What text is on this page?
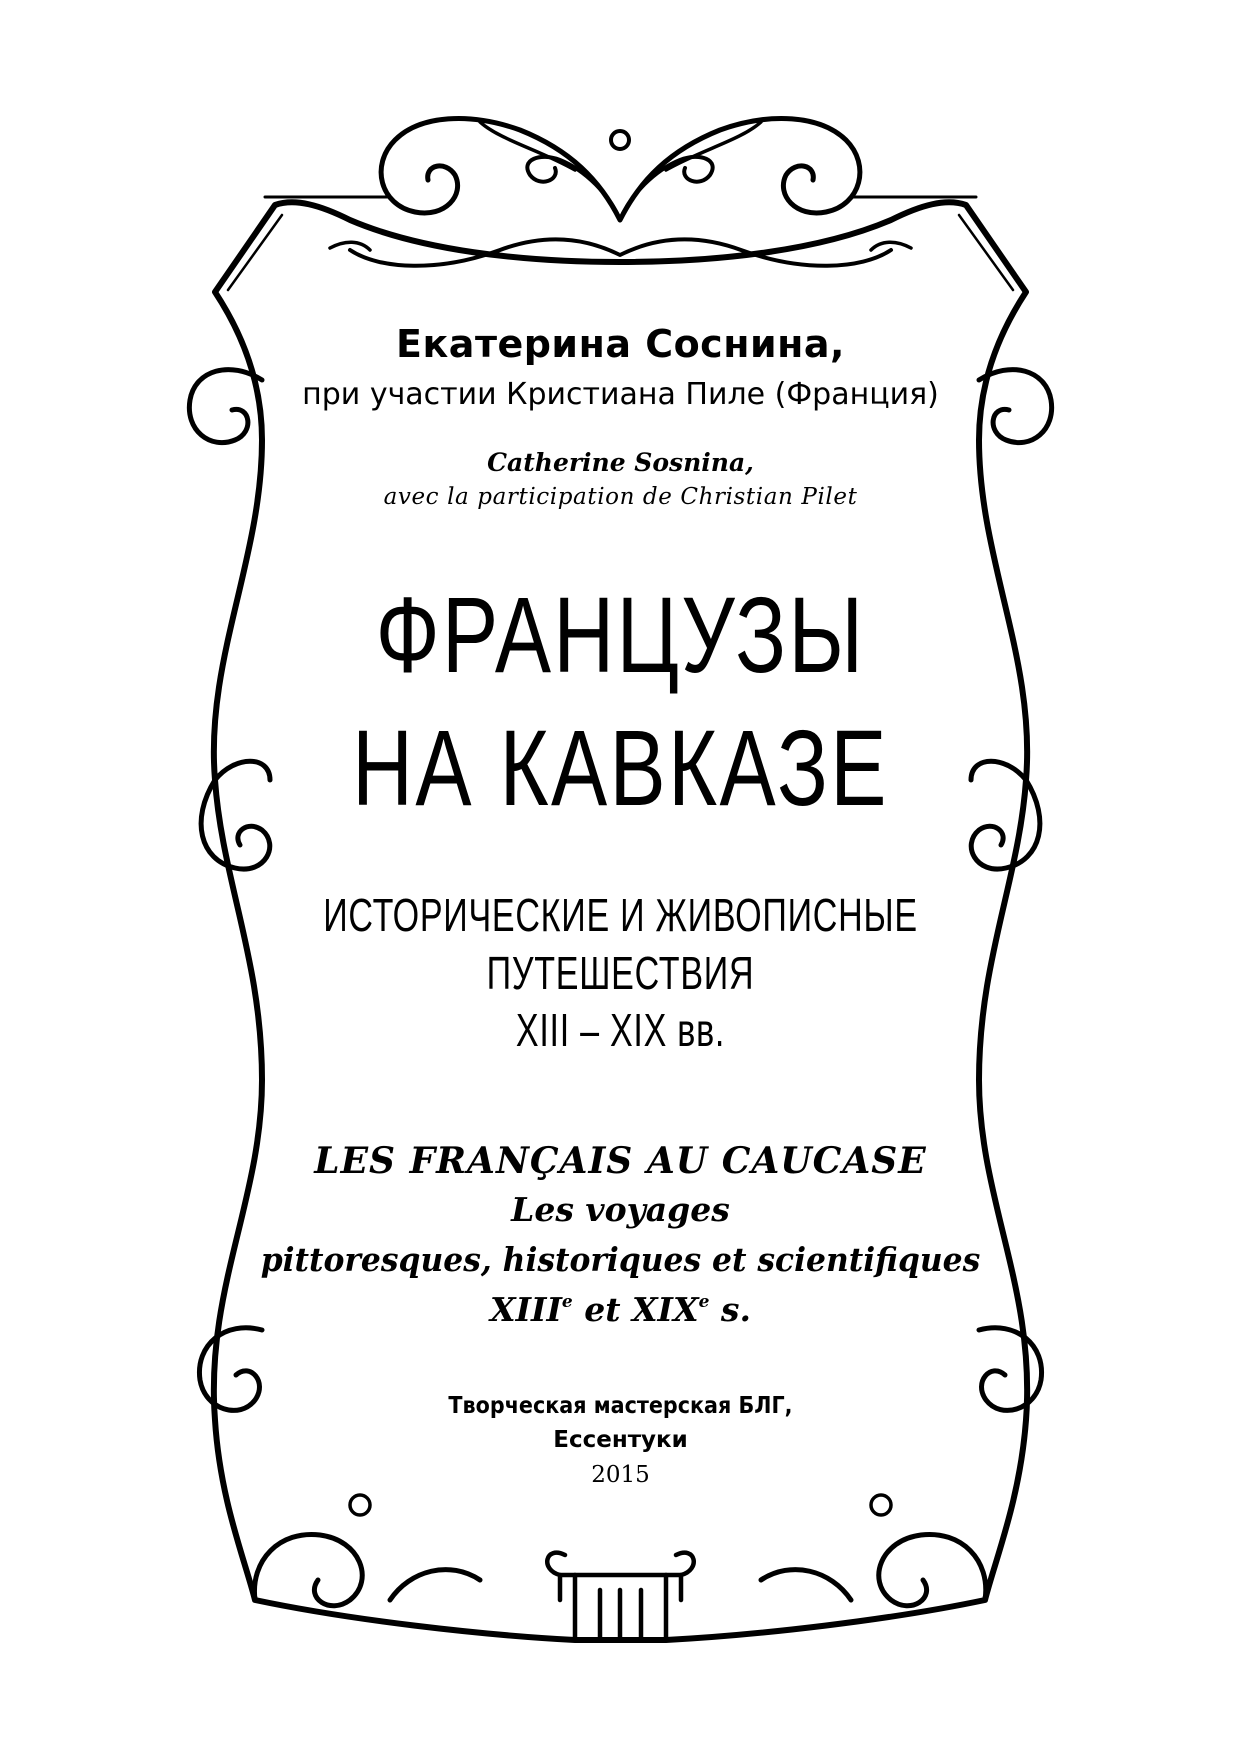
Екатерина Соснина,
при участии Кристиана Пиле (Франция)
Catherine Sosnina,
avec la participation de Christian Pilet
ФРАНЦУЗЫ
НА КАВКАЗЕ
ИСТОРИЧЕСКИЕ И ЖИВОПИСНЫЕ
ПУТЕШЕСТВИЯ
XIII – XIX вв.
LES FRANÇAIS AU CAUCASE
Les voyages
pittoresques, historiques et scientifiques
XIIIe et XIXe s.
Творческая мастерская БЛГ,
Ессентуки
2015
